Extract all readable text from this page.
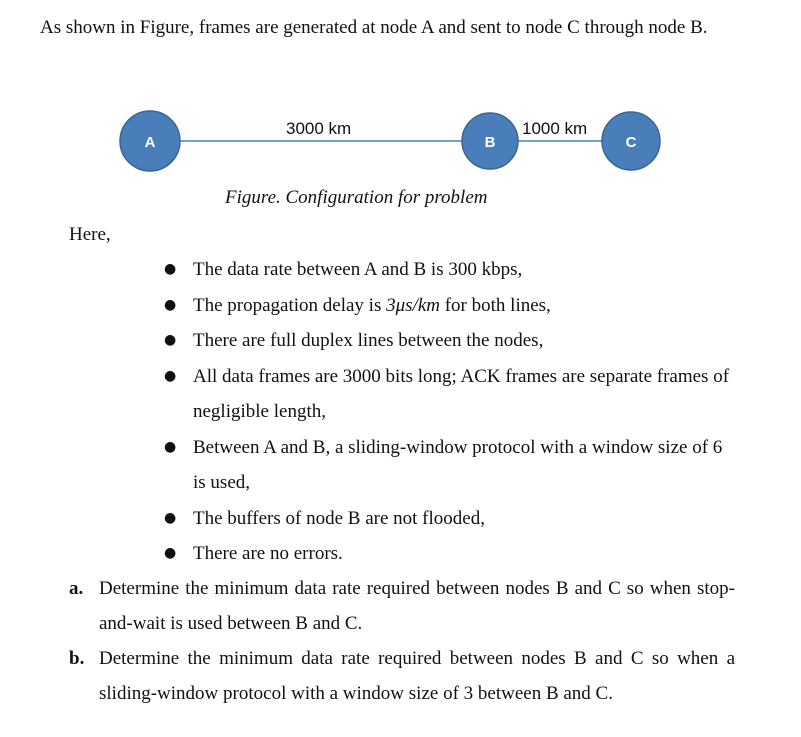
As shown in Figure, frames are generated at node A and sent to node C through node B.

3000 km	1000 km
A	B	C

Figure. Configuration for problem

Here,

● The data rate between A and B is 300 kbps,
● The propagation delay is 3μs/km for both lines,
● There are full duplex lines between the nodes,
● All data frames are 3000 bits long; ACK frames are separate frames of negligible length,
● Between A and B, a sliding-window protocol with a window size of 6 is used,
● The buffers of node B are not flooded,
● There are no errors.
a. Determine the minimum data rate required between nodes B and C so when stop-and-wait is used between B and C.
b. Determine the minimum data rate required between nodes B and C so when a sliding-window protocol with a window size of 3 between B and C.
